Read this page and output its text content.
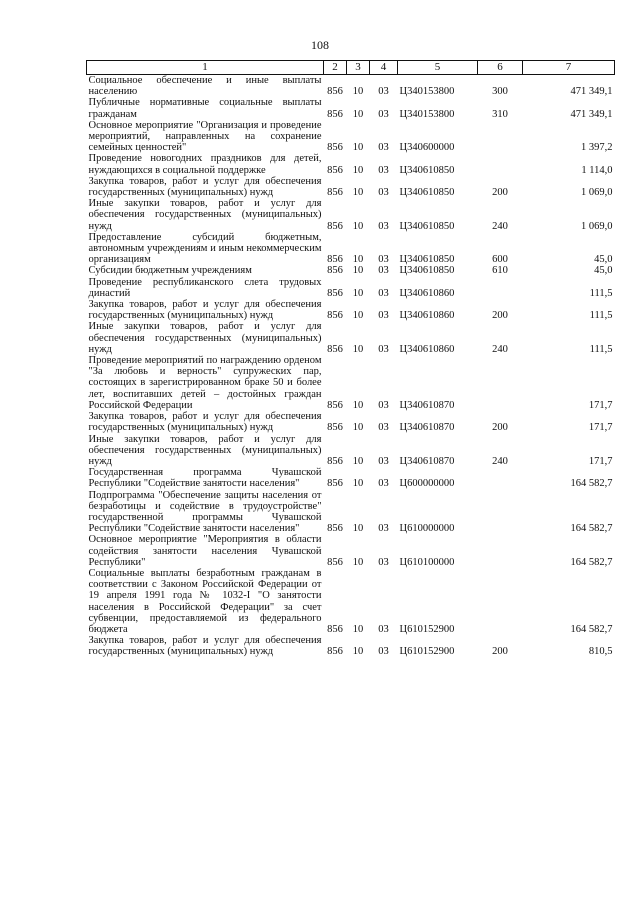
108
1	2	3	4	5	6	7
Социальное обеспечение и иные выплаты населению	856	10	03	Ц340153800	300	471 349,1
Публичные нормативные социальные выплаты гражданам	856	10	03	Ц340153800	310	471 349,1
Основное мероприятие "Организация и проведение мероприятий, направленных на сохранение семейных ценностей"	856	10	03	Ц340600000		1 397,2
Проведение новогодних праздников для детей, нуждающихся в социальной поддержке	856	10	03	Ц340610850		1 114,0
Закупка товаров, работ и услуг для обеспечения государственных (муниципальных) нужд	856	10	03	Ц340610850	200	1 069,0
Иные закупки товаров, работ и услуг для обеспечения государственных (муниципальных) нужд	856	10	03	Ц340610850	240	1 069,0
Предоставление субсидий бюджетным, автономным учреждениям и иным некоммерческим организациям	856	10	03	Ц340610850	600	45,0
Субсидии бюджетным учреждениям	856	10	03	Ц340610850	610	45,0
Проведение республиканского слета трудовых династий	856	10	03	Ц340610860		111,5
Закупка товаров, работ и услуг для обеспечения государственных (муниципальных) нужд	856	10	03	Ц340610860	200	111,5
Иные закупки товаров, работ и услуг для обеспечения государственных (муниципальных) нужд	856	10	03	Ц340610860	240	111,5
Проведение мероприятий по награждению орденом "За любовь и верность" супружеских пар, состоящих в зарегистрированном браке 50 и более лет, воспитавших детей – достойных граждан Российской Федерации	856	10	03	Ц340610870		171,7
Закупка товаров, работ и услуг для обеспечения государственных (муниципальных) нужд	856	10	03	Ц340610870	200	171,7
Иные закупки товаров, работ и услуг для обеспечения государственных (муниципальных) нужд	856	10	03	Ц340610870	240	171,7
Государственная программа Чувашской Республики "Содействие занятости населения"	856	10	03	Ц600000000		164 582,7
Подпрограмма "Обеспечение защиты населения от безработицы и содействие в трудоустройстве" государственной программы Чувашской Республики "Содействие занятости населения"	856	10	03	Ц610000000		164 582,7
Основное мероприятие "Мероприятия в области содействия занятости населения Чувашской Республики"	856	10	03	Ц610100000		164 582,7
Социальные выплаты безработным гражданам в соответствии с Законом Российской Федерации от 19 апреля 1991 года № 1032-I "О занятости населения в Российской Федерации" за счет субвенции, предоставляемой из федерального бюджета	856	10	03	Ц610152900		164 582,7
Закупка товаров, работ и услуг для обеспечения государственных (муниципальных) нужд	856	10	03	Ц610152900	200	810,5
